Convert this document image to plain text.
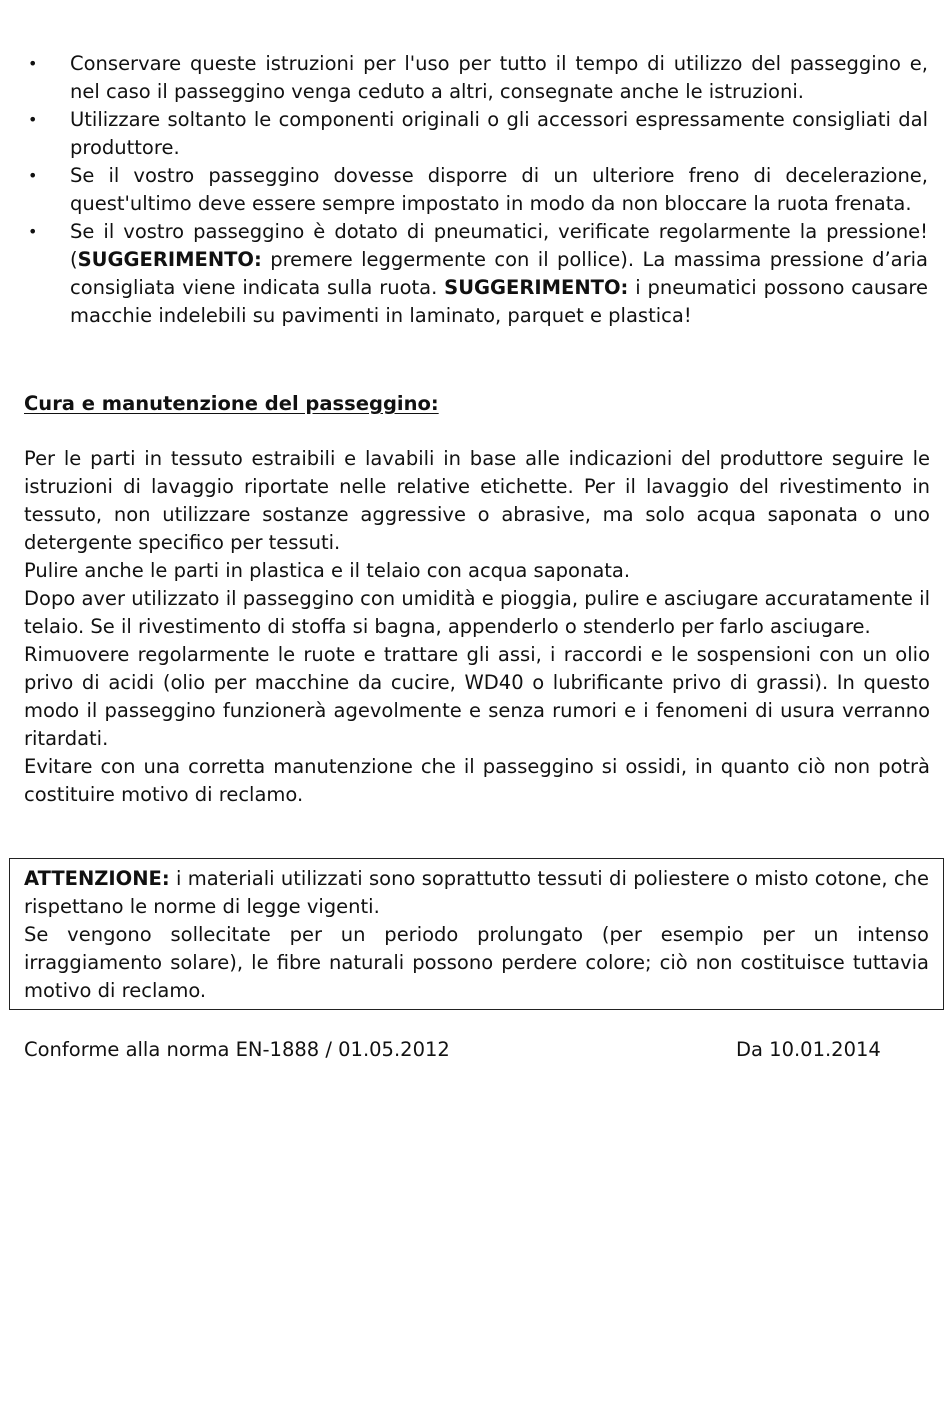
• Conservare queste istruzioni per l'uso per tutto il tempo di utilizzo del passeggino e, nel caso il passeggino venga ceduto a altri, consegnate anche le istruzioni.
• Utilizzare soltanto le componenti originali o gli accessori espressamente consigliati dal produttore.
• Se il vostro passeggino dovesse disporre di un ulteriore freno di decelerazione, quest'ultimo deve essere sempre impostato in modo da non bloccare la ruota frenata.
• Se il vostro passeggino è dotato di pneumatici, verificate regolarmente la pressione! (SUGGERIMENTO: premere leggermente con il pollice). La massima pressione d’aria consigliata viene indicata sulla ruota. SUGGERIMENTO: i pneumatici possono causare macchie indelebili su pavimenti in laminato, parquet e plastica!
Cura e manutenzione del passeggino:

Per le parti in tessuto estraibili e lavabili in base alle indicazioni del produttore seguire le istruzioni di lavaggio riportate nelle relative etichette. Per il lavaggio del rivestimento in tessuto, non utilizzare sostanze aggressive o abrasive, ma solo acqua saponata o uno detergente specifico per tessuti.

Pulire anche le parti in plastica e il telaio con acqua saponata.

Dopo aver utilizzato il passeggino con umidità e pioggia, pulire e asciugare accuratamente il telaio. Se il rivestimento di stoffa si bagna, appenderlo o stenderlo per farlo asciugare.

Rimuovere regolarmente le ruote e trattare gli assi, i raccordi e le sospensioni con un olio privo di acidi (olio per macchine da cucire, WD40 o lubrificante privo di grassi). In questo modo il passeggino funzionerà agevolmente e senza rumori e i fenomeni di usura verranno ritardati.

Evitare con una corretta manutenzione che il passeggino si ossidi, in quanto ciò non potrà costituire motivo di reclamo.

ATTENZIONE: i materiali utilizzati sono soprattutto tessuti di poliestere o misto cotone, che rispettano le norme di legge vigenti.

Se vengono sollecitate per un periodo prolungato (per esempio per un intenso irraggiamento solare), le fibre naturali possono perdere colore; ciò non costituisce tuttavia motivo di reclamo.

Conforme alla norma EN-1888 / 01.05.2012	Da 10.01.2014
